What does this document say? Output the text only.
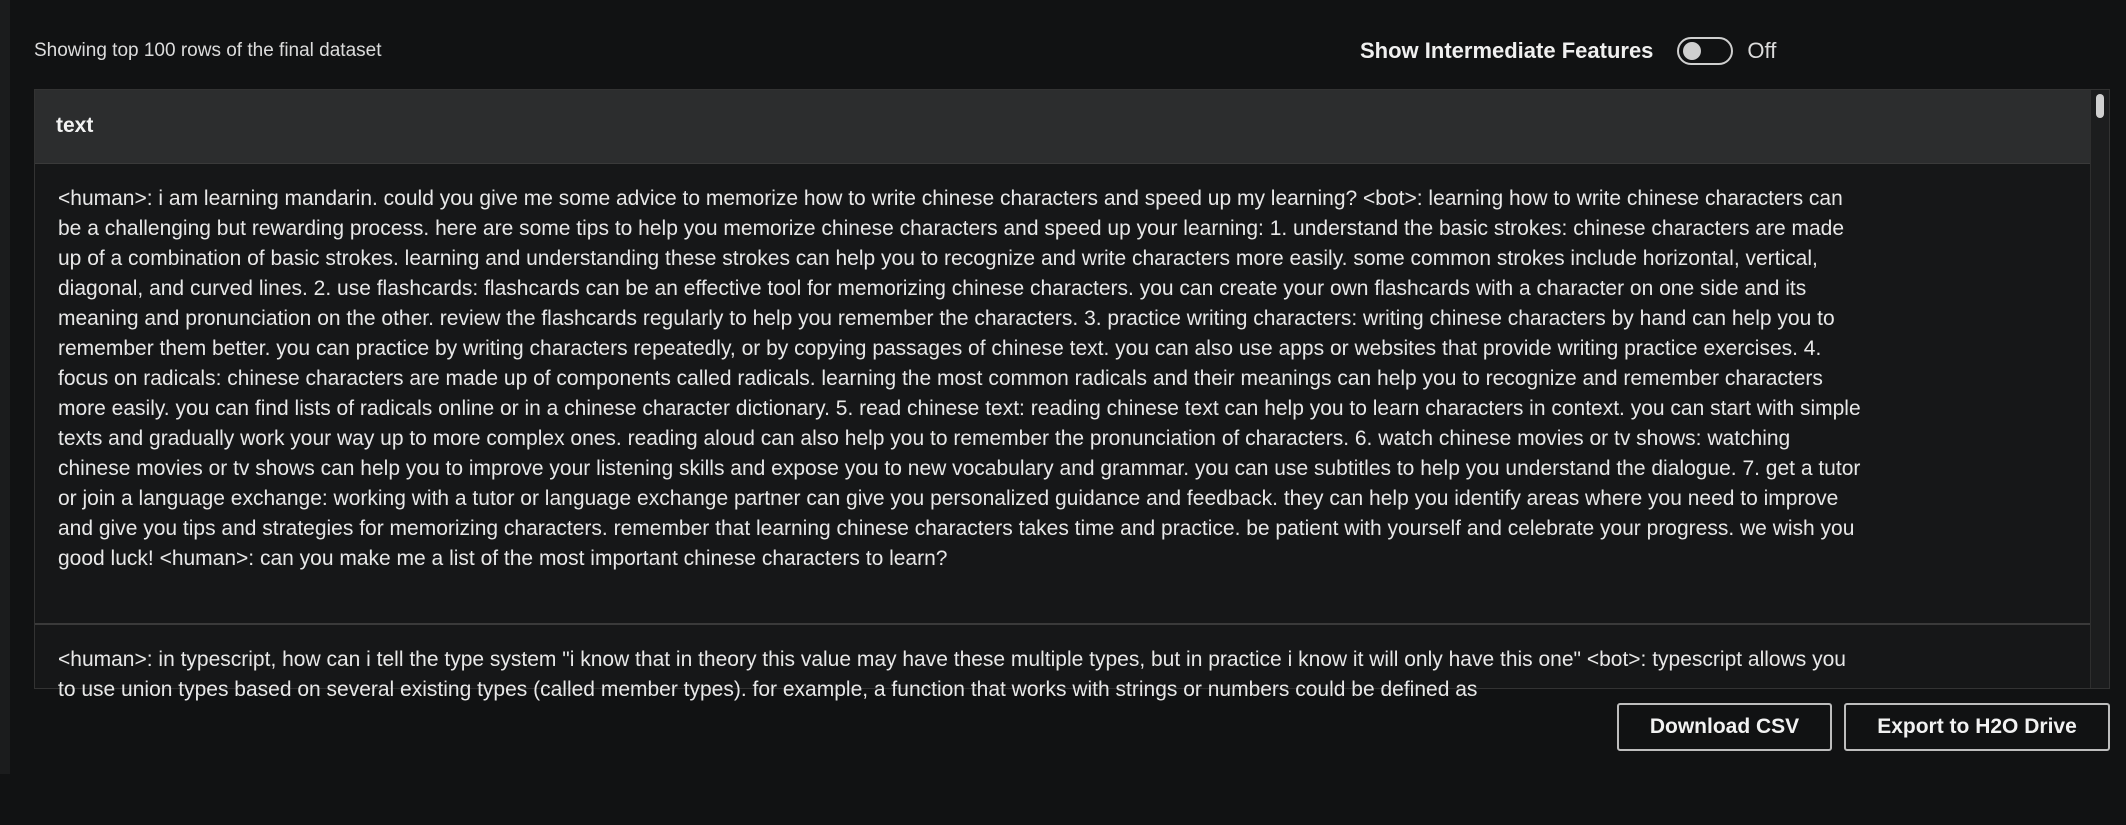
Showing top 100 rows of the final dataset	Show Intermediate Features	Off
text
<human>: i am learning mandarin. could you give me some advice to memorize how to write chinese characters and speed up my learning? <bot>: learning how to write chinese characters can be a challenging but rewarding process. here are some tips to help you memorize chinese characters and speed up your learning: 1. understand the basic strokes: chinese characters are made up of a combination of basic strokes. learning and understanding these strokes can help you to recognize and write characters more easily. some common strokes include horizontal, vertical, diagonal, and curved lines. 2. use flashcards: flashcards can be an effective tool for memorizing chinese characters. you can create your own flashcards with a character on one side and its meaning and pronunciation on the other. review the flashcards regularly to help you remember the characters. 3. practice writing characters: writing chinese characters by hand can help you to remember them better. you can practice by writing characters repeatedly, or by copying passages of chinese text. you can also use apps or websites that provide writing practice exercises. 4. focus on radicals: chinese characters are made up of components called radicals. learning the most common radicals and their meanings can help you to recognize and remember characters more easily. you can find lists of radicals online or in a chinese character dictionary. 5. read chinese text: reading chinese text can help you to learn characters in context. you can start with simple texts and gradually work your way up to more complex ones. reading aloud can also help you to remember the pronunciation of characters. 6. watch chinese movies or tv shows: watching chinese movies or tv shows can help you to improve your listening skills and expose you to new vocabulary and grammar. you can use subtitles to help you understand the dialogue. 7. get a tutor or join a language exchange: working with a tutor or language exchange partner can give you personalized guidance and feedback. they can help you identify areas where you need to improve and give you tips and strategies for memorizing characters. remember that learning chinese characters takes time and practice. be patient with yourself and celebrate your progress. we wish you good luck! <human>: can you make me a list of the most important chinese characters to learn?
<human>: in typescript, how can i tell the type system "i know that in theory this value may have these multiple types, but in practice i know it will only have this one" <bot>: typescript allows you to use union types based on several existing types (called member types). for example, a function that works with strings or numbers could be defined as
Download CSV	Export to H2O Drive
